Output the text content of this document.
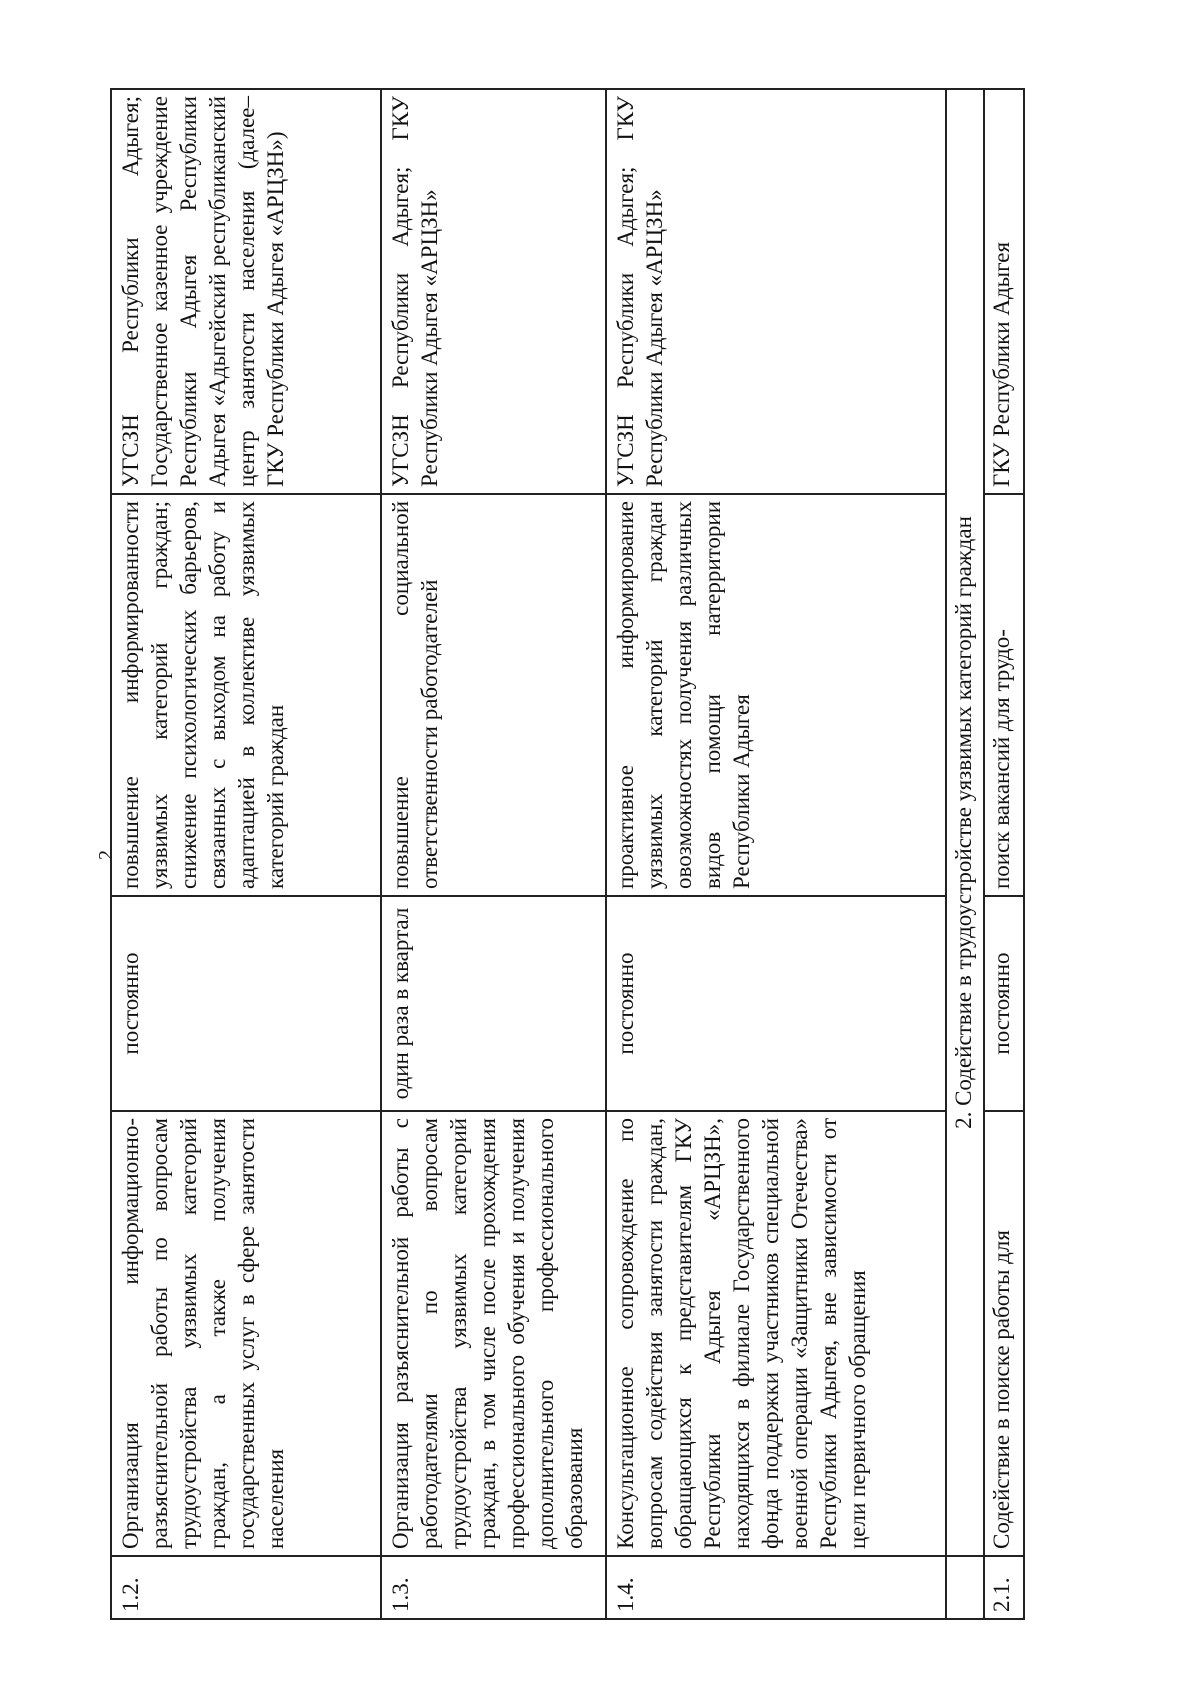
2
1.2.	Организация информационно-разъяснительной работы по вопросам трудоустройства уязвимых категорий граждан, а также получения государственных услуг в сфере занятости населения	постоянно	повышение информированности уязвимых категорий граждан; снижение психологических барьеров, связанных с выходом на работу и адаптацией в коллективе уязвимых категорий граждан	УГСЗН Республики Адыгея; Государственное казенное учреждение Республики Адыгея Республики Адыгея «Адыгейский республиканский центр занятости населения (далее– ГКУ Республики Адыгея «АРЦЗН»)
1.3.	Организация разъяснительной работы с работодателями по вопросам трудоустройства уязвимых категорий граждан, в том числе после прохождения профессионального обучения и получения дополнительного профессионального образования	один раза в квартал	повышение социальной ответственности работодателей	УГСЗН Республики Адыгея; ГКУ Республики Адыгея «АРЦЗН»
1.4.	Консультационное сопровождение по вопросам содействия занятости граждан, обращающихся к представителям ГКУ Республики Адыгея «АРЦЗН», находящихся в филиале Государственного фонда поддержки участников специальной военной операции «Защитники Отечества» Республики Адыгея, вне зависимости от цели первичного обращения	постоянно	проактивное информирование уязвимых категорий граждан овозможностях получения различных видов помощи натерритории Республики Адыгея	УГСЗН Республики Адыгея; ГКУ Республики Адыгея «АРЦЗН»
	2. Содействие в трудоустройстве уязвимых категорий граждан			
2.1.	Содействие в поиске работы для	постоянно	поиск вакансий для трудо-	ГКУ Республики Адыгея
